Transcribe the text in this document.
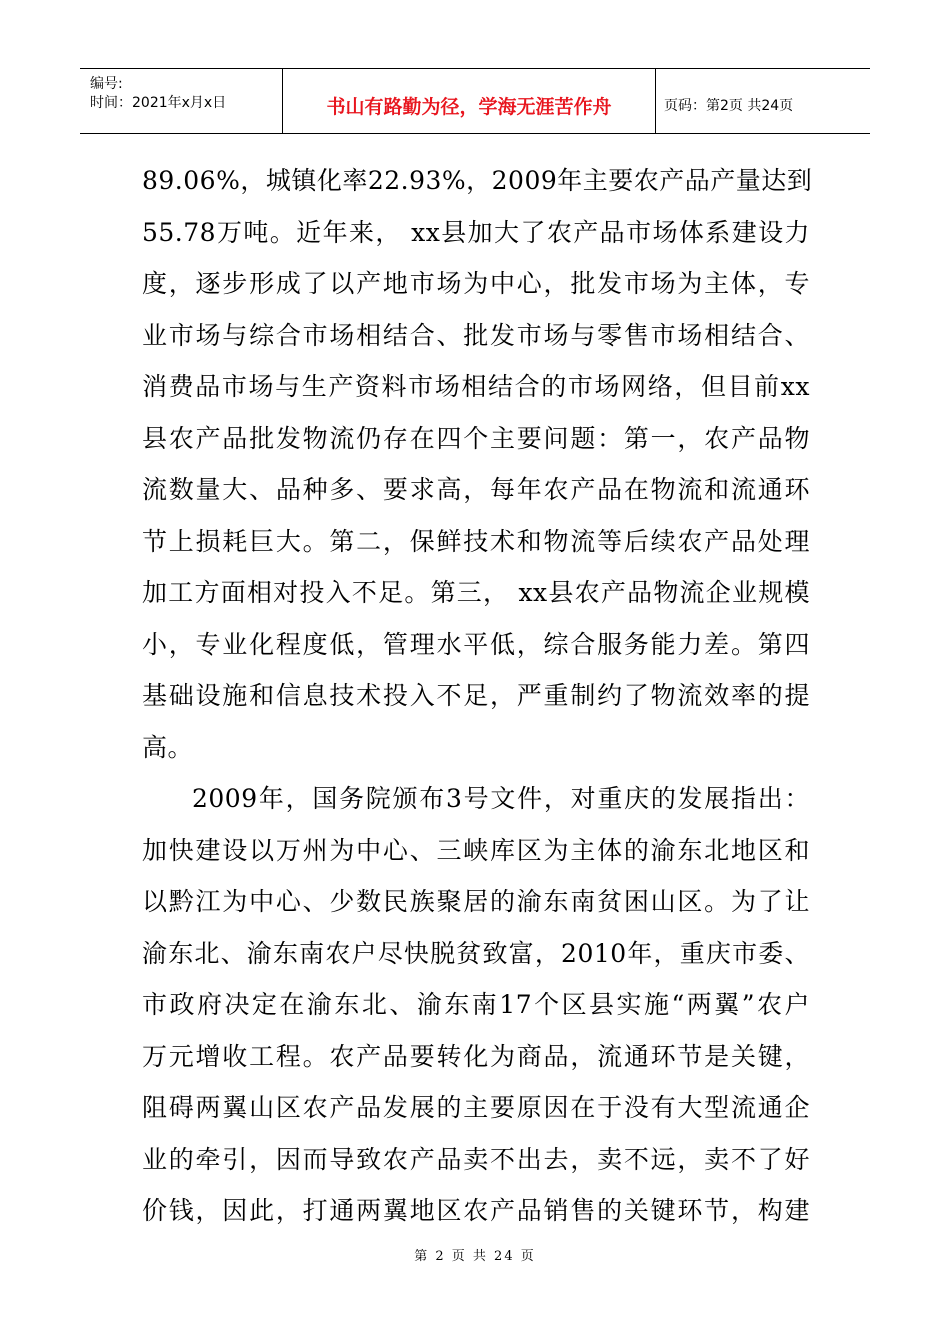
编号:
时间：2021年x月x日	书山有路勤为径，学海无涯苦作舟	页码：第2页 共24页
89.06%，城镇化率22.93%，2009年主要农产品产量达到
55.78万吨。近年来， xx县加大了农产品市场体系建设力
度，逐步形成了以产地市场为中心，批发市场为主体，专
业市场与综合市场相结合、批发市场与零售市场相结合、
消费品市场与生产资料市场相结合的市场网络，但目前xx
县农产品批发物流仍存在四个主要问题：第一，农产品物
流数量大、品种多、要求高，每年农产品在物流和流通环
节上损耗巨大。第二，保鲜技术和物流等后续农产品处理
加工方面相对投入不足。第三， xx县农产品物流企业规模
小，专业化程度低，管理水平低，综合服务能力差。第四
基础设施和信息技术投入不足，严重制约了物流效率的提
高。
2009年，国务院颁布3号文件，对重庆的发展指出：
加快建设以万州为中心、三峡库区为主体的渝东北地区和
以黔江为中心、少数民族聚居的渝东南贫困山区。为了让
渝东北、渝东南农户尽快脱贫致富，2010年，重庆市委、
市政府决定在渝东北、渝东南17个区县实施“两翼”农户
万元增收工程。农产品要转化为商品，流通环节是关键，
阻碍两翼山区农产品发展的主要原因在于没有大型流通企
业的牵引，因而导致农产品卖不出去，卖不远，卖不了好
价钱，因此，打通两翼地区农产品销售的关键环节，构建
第 2 页 共 24 页
